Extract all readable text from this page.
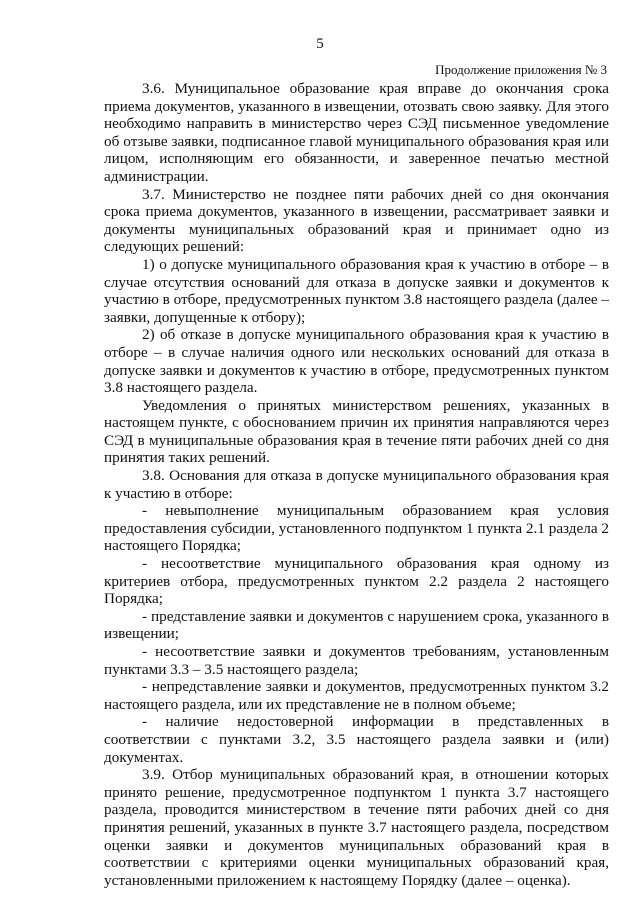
5

Продолжение приложения № 3

3.6. Муниципальное образование края вправе до окончания срока приема документов, указанного в извещении, отозвать свою заявку. Для этого необходимо направить в министерство через СЭД письменное уведомление об отзыве заявки, подписанное главой муниципального образования края или лицом, исполняющим его обязанности, и заверенное печатью местной администрации.

3.7. Министерство не позднее пяти рабочих дней со дня окончания срока приема документов, указанного в извещении, рассматривает заявки и документы муниципальных образований края и принимает одно из следующих решений:

1) о допуске муниципального образования края к участию в отборе – в случае отсутствия оснований для отказа в допуске заявки и документов к участию в отборе, предусмотренных пунктом 3.8 настоящего раздела (далее – заявки, допущенные к отбору);

2) об отказе в допуске муниципального образования края к участию в отборе – в случае наличия одного или нескольких оснований для отказа в допуске заявки и документов к участию в отборе, предусмотренных пунктом 3.8 настоящего раздела.

Уведомления о принятых министерством решениях, указанных в настоящем пункте, с обоснованием причин их принятия направляются через СЭД в муниципальные образования края в течение пяти рабочих дней со дня принятия таких решений.

3.8. Основания для отказа в допуске муниципального образования края к участию в отборе:

- невыполнение муниципальным образованием края условия предоставления субсидии, установленного подпунктом 1 пункта 2.1 раздела 2 настоящего Порядка;

- несоответствие муниципального образования края одному из критериев отбора, предусмотренных пунктом 2.2 раздела 2 настоящего Порядка;

- представление заявки и документов с нарушением срока, указанного в извещении;

- несоответствие заявки и документов требованиям, установленным пунктами 3.3 – 3.5 настоящего раздела;

- непредставление заявки и документов, предусмотренных пунктом 3.2 настоящего раздела, или их представление не в полном объеме;

- наличие недостоверной информации в представленных в соответствии с пунктами 3.2, 3.5 настоящего раздела заявки и (или) документах.

3.9. Отбор муниципальных образований края, в отношении которых принято решение, предусмотренное подпунктом 1 пункта 3.7 настоящего раздела, проводится министерством в течение пяти рабочих дней со дня принятия решений, указанных в пункте 3.7 настоящего раздела, посредством оценки заявки и документов муниципальных образований края в соответствии с критериями оценки муниципальных образований края, установленными приложением к настоящему Порядку (далее – оценка).
